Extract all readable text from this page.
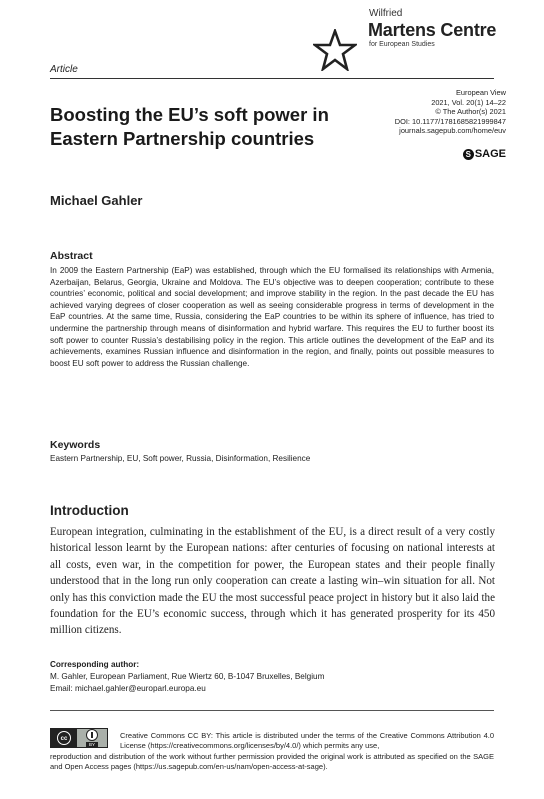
Wilfried
Martens Centre
for European Studies
Article
European View
2021, Vol. 20(1) 14–22
© The Author(s) 2021
DOI: 10.1177/1781685821999847
journals.sagepub.com/home/euv
S SAGE
Boosting the EU’s soft power in
Eastern Partnership countries
Michael Gahler
Abstract
In 2009 the Eastern Partnership (EaP) was established, through which the EU formalised its relationships with Armenia, Azerbaijan, Belarus, Georgia, Ukraine and Moldova. The EU’s objective was to deepen cooperation; contribute to these countries’ economic, political and social development; and improve stability in the region. In the past decade the EU has achieved varying degrees of closer cooperation as well as seeing considerable progress in terms of development in the EaP countries. At the same time, Russia, considering the EaP countries to be within its sphere of influence, has tried to undermine the partnership through means of disinformation and hybrid warfare. This requires the EU to further boost its soft power to counter Russia’s destabilising policy in the region. This article outlines the development of the EaP and its achievements, examines Russian influence and disinformation in the region, and finally, points out possible measures to boost EU soft power to address the Russian challenge.
Keywords
Eastern Partnership, EU, Soft power, Russia, Disinformation, Resilience
Introduction
European integration, culminating in the establishment of the EU, is a direct result of a very costly historical lesson learnt by the European nations: after centuries of focusing on national interests at all costs, even war, in the competition for power, the European states and their people finally understood that in the long run only cooperation can create a lasting win–win situation for all. Not only has this conviction made the EU the most successful peace project in history but it also laid the foundation for the EU’s economic success, through which it has generated prosperity for its 450 million citizens.
Corresponding author:
M. Gahler, European Parliament, Rue Wiertz 60, B-1047 Bruxelles, Belgium
Email: michael.gahler@europarl.europa.eu
cc
BY
Creative Commons CC BY: This article is distributed under the terms of the Creative Commons Attribution 4.0 License (https://creativecommons.org/licenses/by/4.0/) which permits any use,
reproduction and distribution of the work without further permission provided the original work is attributed as specified on the SAGE and Open Access pages (https://us.sagepub.com/en-us/nam/open-access-at-sage).
